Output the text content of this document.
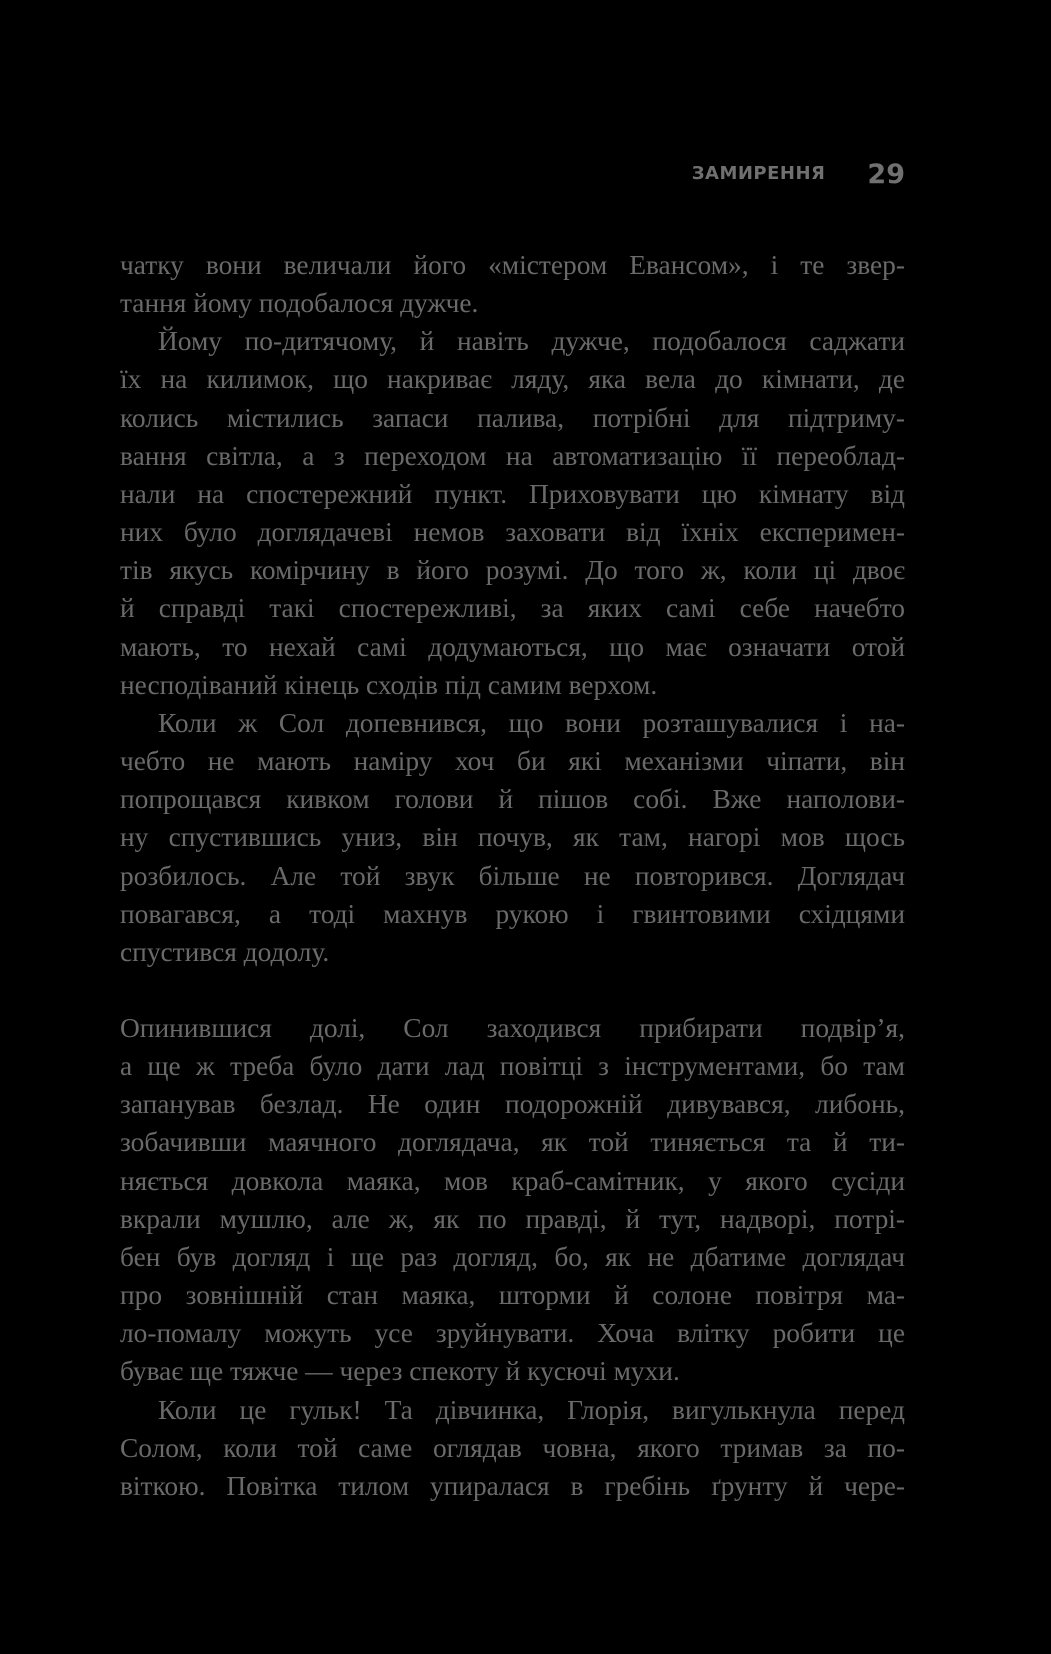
ЗАМИРЕННЯ 29

чатку вони величали його «містером Евансом», і те звер-
тання йому подобалося дужче.

Йому по-дитячому, й навіть дужче, подобалося саджати
їх на килимок, що накриває ляду, яка вела до кімнати, де
колись містились запаси палива, потрібні для підтриму-
вання світла, а з переходом на автоматизацію її переоблад-
нали на спостережний пункт. Приховувати цю кімнату від
них було доглядачеві немов заховати від їхніх експеримен-
тів якусь комірчину в його розумі. До того ж, коли ці двоє
й справді такі спостережливі, за яких самі себе начебто
мають, то нехай самі додумаються, що має означати отой
несподіваний кінець сходів під самим верхом.

Коли ж Сол допевнився, що вони розташувалися і на-
чебто не мають наміру хоч би які механізми чіпати, він
попрощався кивком голови й пішов собі. Вже наполови-
ну спустившись униз, він почув, як там, нагорі мов щось
розбилось. Але той звук більше не повторився. Доглядач
повагався, а тоді махнув рукою і гвинтовими східцями
спустився додолу.

Опинившися долі, Сол заходився прибирати подвір’я,
а ще ж треба було дати лад повітці з інструментами, бо там
запанував безлад. Не один подорожній дивувався, либонь,
зобачивши маячного доглядача, як той тиняється та й ти-
няється довкола маяка, мов краб-самітник, у якого сусіди
вкрали мушлю, але ж, як по правді, й тут, надворі, потрі-
бен був догляд і ще раз догляд, бо, як не дбатиме доглядач
про зовнішній стан маяка, шторми й солоне повітря ма-
ло-помалу можуть усе зруйнувати. Хоча влітку робити це
буває ще тяжче — через спекоту й кусючі мухи.

Коли це гульк! Та дівчинка, Глорія, вигулькнула перед
Солом, коли той саме оглядав човна, якого тримав за по-
віткою. Повітка тилом упиралася в гребінь ґрунту й чере-
